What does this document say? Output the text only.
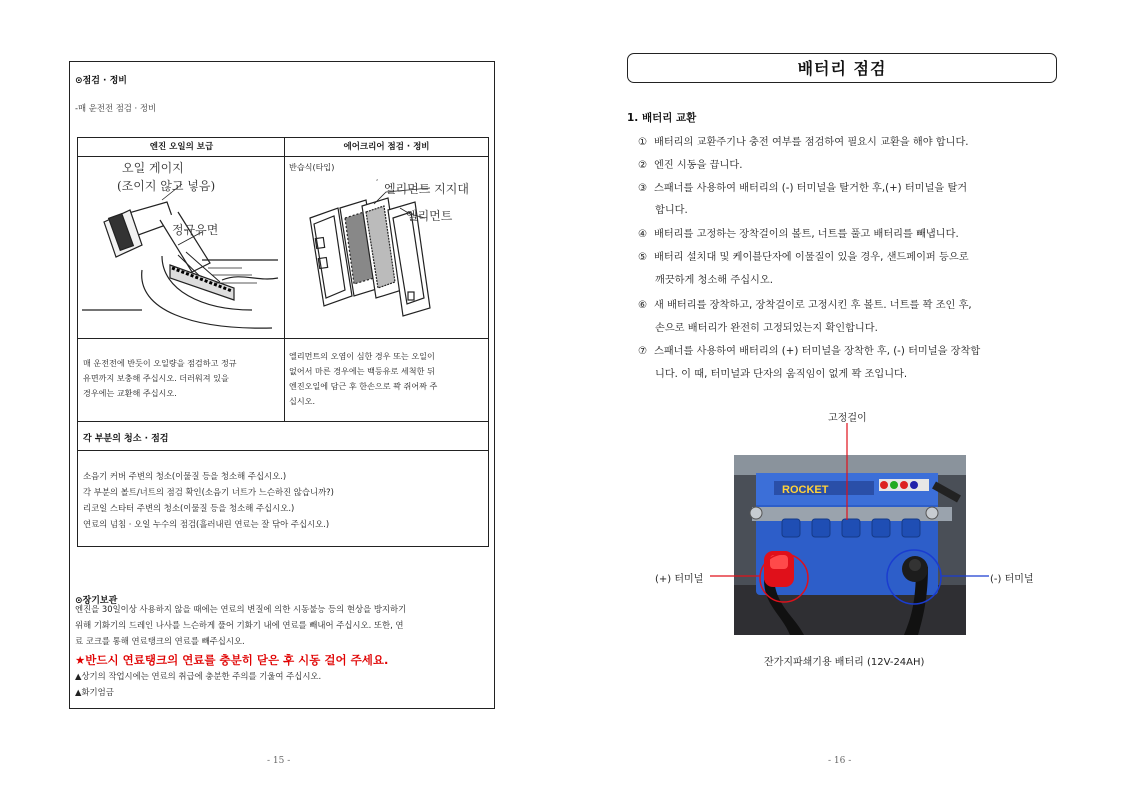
⊙점검 · 정비
-매 운전전 점검 · 정비
엔진 오일의 보급	에어크리어 점검 · 정비
오일 게이지
(조이지 않고 넣음)
정규유면
반습식(타입)
,
엘리먼트 지지대
엘리먼트
매 운전전에 반듯이 오일량을 점검하고 정규
유면까지 보충해 주십시오. 더러워져 있을
경우에는 교환해 주십시오.
엘리먼트의 오염이 심한 경우 또는 오일이
없어서 마른 경우에는 백등유로 세척한 뒤
엔진오일에 담근 후 한손으로 꽉 쥐어짜 주
십시오.
각 부분의 청소 · 점검
소음기 커버 주변의 청소(이물질 등을 청소해 주십시오.)
각 부분의 볼트/너트의 점검 확인(소음기 너트가 느슨하진 않습니까?)
리코일 스타터 주변의 청소(이물질 등을 청소해 주십시오.)
연료의 넘침 · 오일 누수의 점검(흘러내린 연료는 잘 닦아 주십시오.)
⊙장기보관
엔진을 30일이상 사용하지 않을 때에는 연료의 변질에 의한 시동불능 등의 현상을 방지하기
위해 기화기의 드레인 나사를 느슨하게 풀어 기화기 내에 연료를 빼내어 주십시오. 또한, 연
료 코크를 통해 연료탱크의 연료를 빼주십시오.
★반드시 연료탱크의 연료를 충분히 닫은 후 시동 걸어 주세요.
▲상기의 작업시에는 연료의 취급에 충분한 주의를 기울여 주십시오.
▲화기엄금
- 15 -
배터리 점검
1. 배터리 교환
① 배터리의 교환주기나 충전 여부를 점검하여 필요시 교환을 해야 합니다.
② 엔진 시동을 끕니다.
③ 스패너를 사용하여 배터리의 (-) 터미널을 탈거한 후,(+) 터미널을 탈거
합니다.
④ 배터리를 고정하는 장착걸이의 볼트, 너트를 풀고 배터리를 빼냅니다.
⑤ 배터리 설치대 및 케이블단자에 이물질이 있을 경우, 샌드페이퍼 등으로
깨끗하게 청소해 주십시오.
⑥ 새 배터리를 장착하고, 장착걸이로 고정시킨 후 볼트. 너트를 꽉 조인 후,
손으로 배터리가 완전히 고정되었는지 확인합니다.
⑦ 스패너를 사용하여 배터리의 (+) 터미널을 장착한 후, (-) 터미널을 장착합
니다. 이 때, 터미널과 단자의 움직임이 없게 꽉 조입니다.
고정걸이
ROCKET
(+) 터미널	(-) 터미널
잔가지파쇄기용 배터리 (12V-24AH)
- 16 -
